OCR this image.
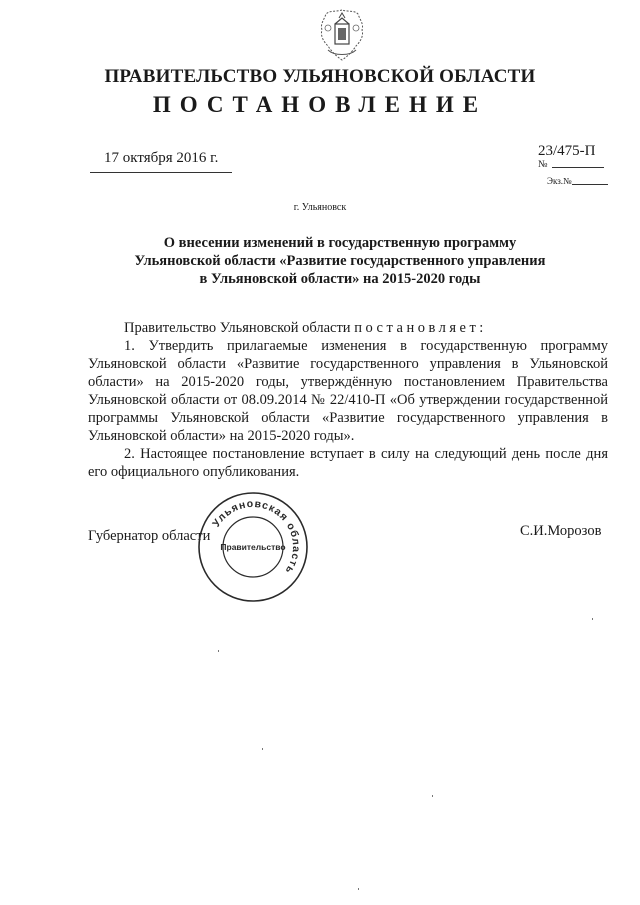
ПРАВИТЕЛЬСТВО УЛЬЯНОВСКОЙ ОБЛАСТИ
ПОСТАНОВЛЕНИЕ
17 октября 2016 г.	23/475-П
№
Экз.№
г. Ульяновск
О внесении изменений в государственную программу
Ульяновской области «Развитие государственного управления
в Ульяновской области» на 2015-2020 годы

Правительство Ульяновской области постановляет:

1. Утвердить прилагаемые изменения в государственную программу Ульяновской области «Развитие государственного управления в Ульяновской области» на 2015-2020 годы, утверждённую постановлением Правительства Ульяновской области от 08.09.2014 № 22/410-П «Об утверждении государственной программы Ульяновской области «Развитие государственного управления в Ульяновской области» на 2015-2020 годы».

2. Настоящее постановление вступает в силу на следующий день после дня его официального опубликования.

Губернатор области	С.И.Морозов
Ульяновская область
Правительство
